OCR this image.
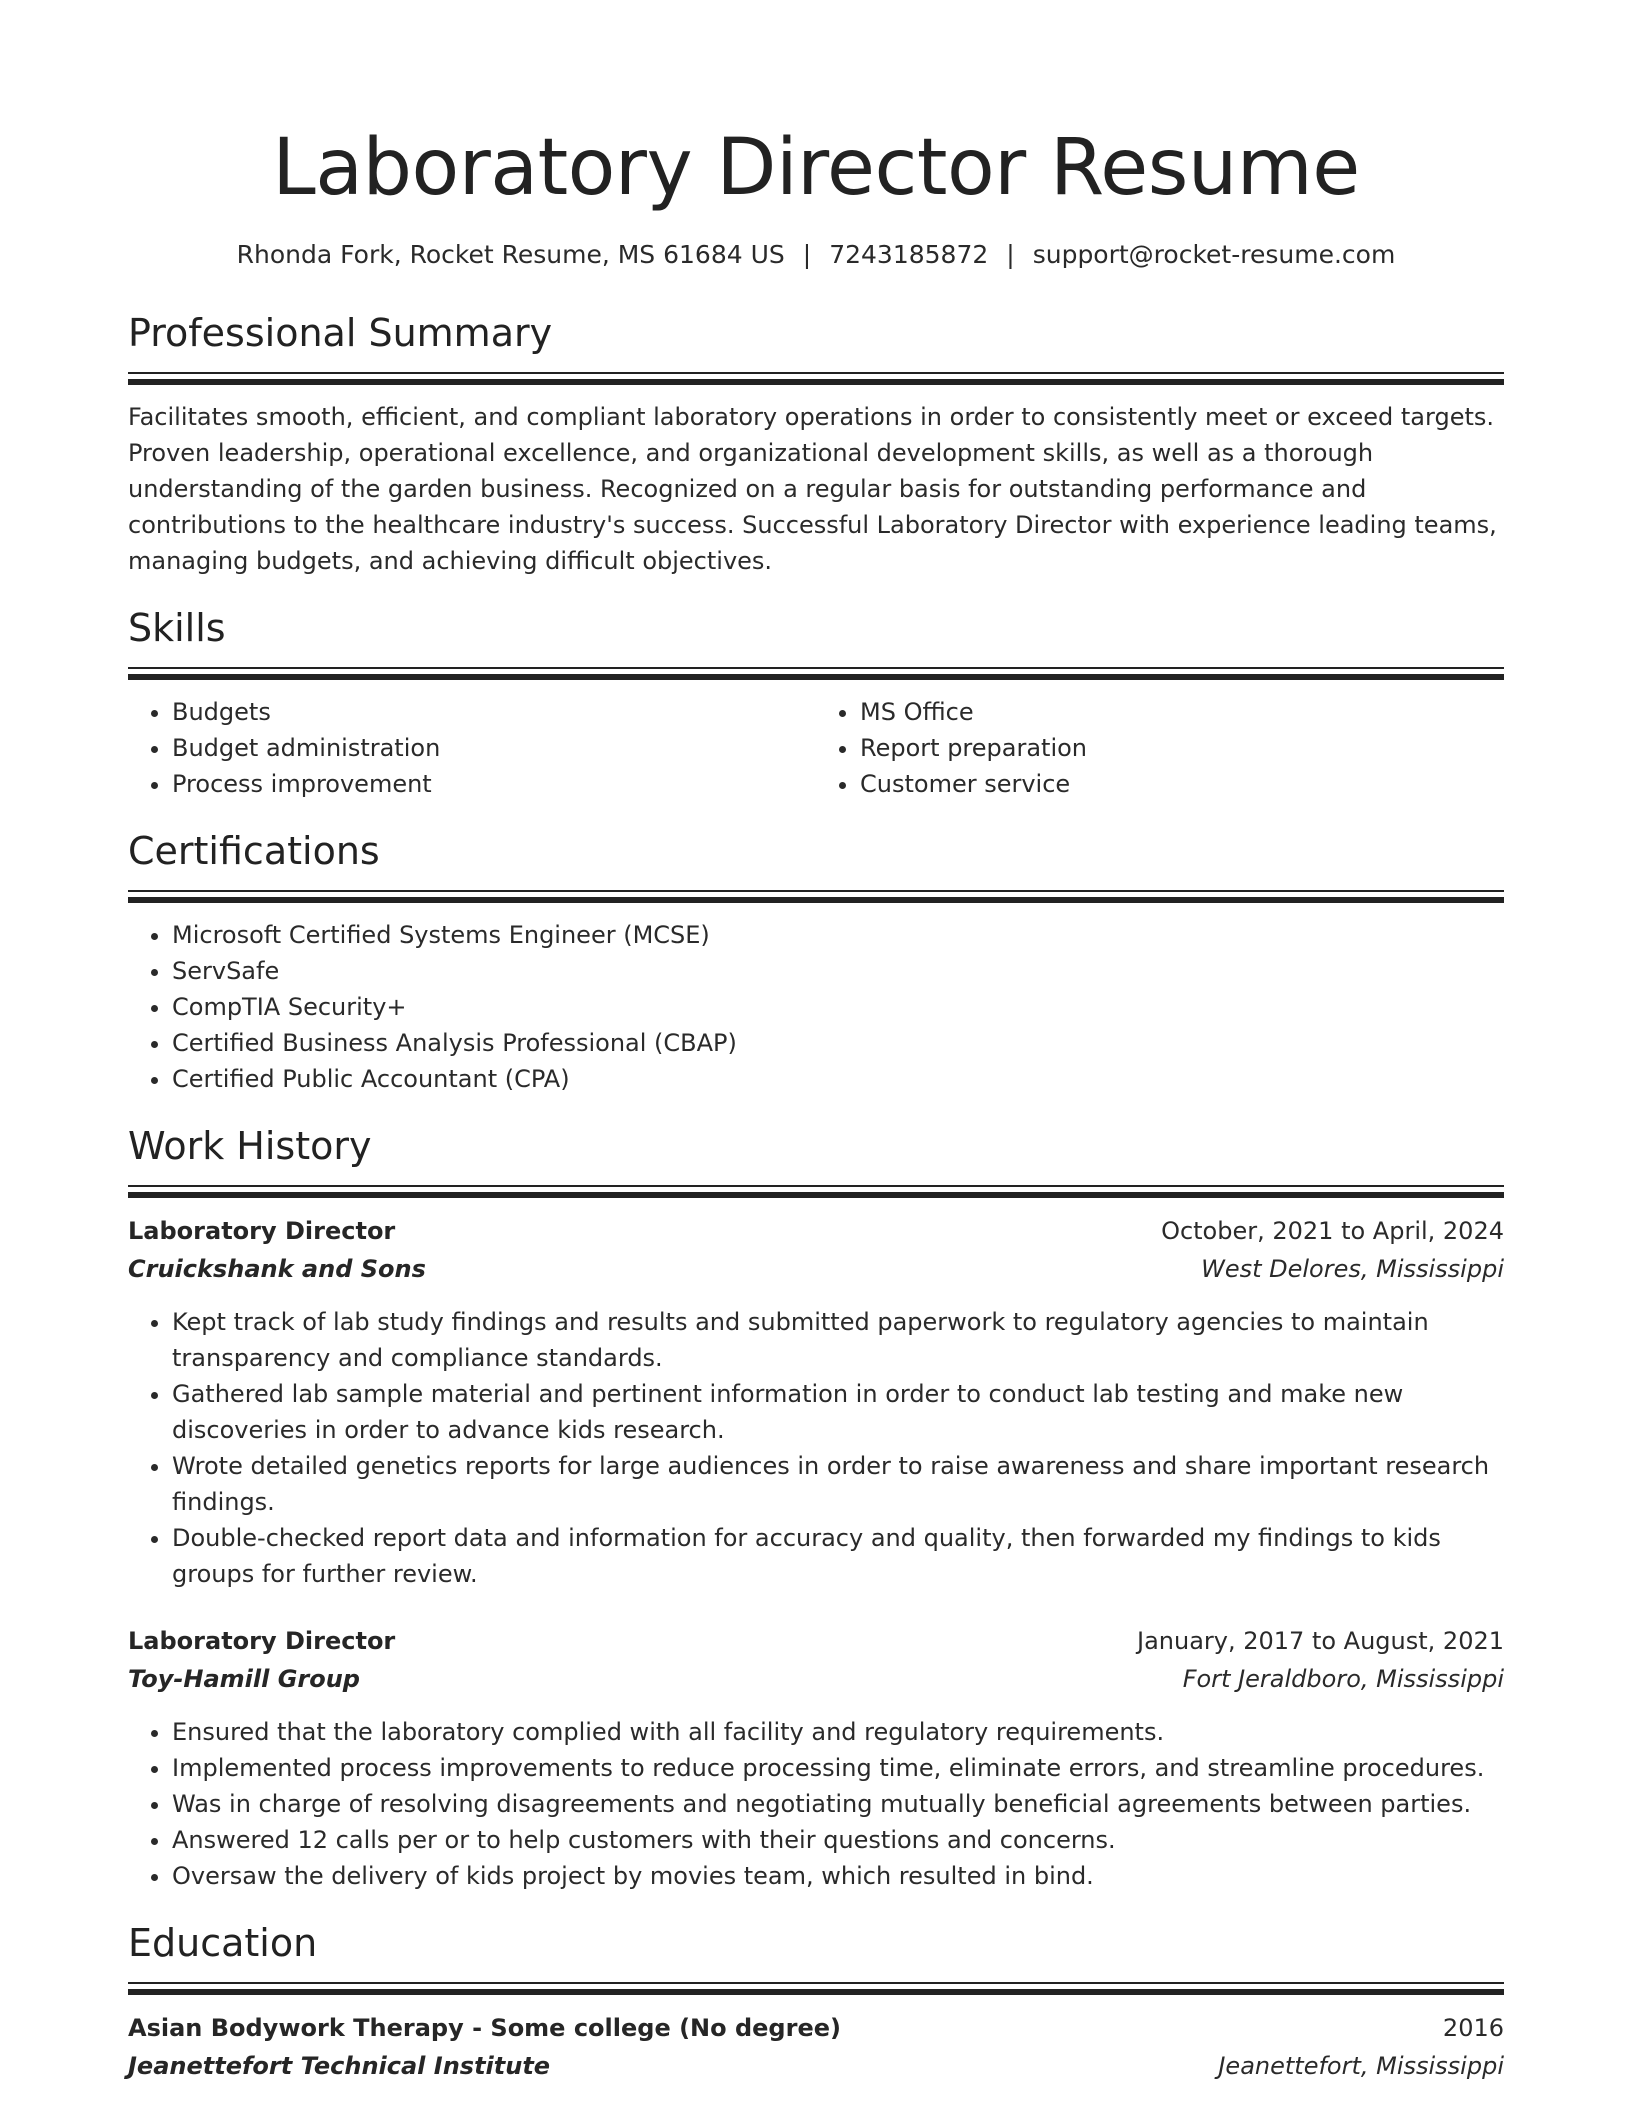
Laboratory Director Resume
Rhonda Fork, Rocket Resume, MS 61684 US | 7243185872 | support@rocket-resume.com
Professional Summary
Facilitates smooth, efficient, and compliant laboratory operations in order to consistently meet or exceed targets. Proven leadership, operational excellence, and organizational development skills, as well as a thorough understanding of the garden business. Recognized on a regular basis for outstanding performance and contributions to the healthcare industry's success. Successful Laboratory Director with experience leading teams, managing budgets, and achieving difficult objectives.
Skills
• Budgets
• Budget administration
• Process improvement
• MS Office
• Report preparation
• Customer service
Certifications
• Microsoft Certified Systems Engineer (MCSE)
• ServSafe
• CompTIA Security+
• Certified Business Analysis Professional (CBAP)
• Certified Public Accountant (CPA)
Work History
Laboratory Director	October, 2021 to April, 2024
Cruickshank and Sons	West Delores, Mississippi
• Kept track of lab study findings and results and submitted paperwork to regulatory agencies to maintain transparency and compliance standards.
• Gathered lab sample material and pertinent information in order to conduct lab testing and make new discoveries in order to advance kids research.
• Wrote detailed genetics reports for large audiences in order to raise awareness and share important research findings.
• Double-checked report data and information for accuracy and quality, then forwarded my findings to kids groups for further review.
Laboratory Director	January, 2017 to August, 2021
Toy-Hamill Group	Fort Jeraldboro, Mississippi
• Ensured that the laboratory complied with all facility and regulatory requirements.
• Implemented process improvements to reduce processing time, eliminate errors, and streamline procedures.
• Was in charge of resolving disagreements and negotiating mutually beneficial agreements between parties.
• Answered 12 calls per or to help customers with their questions and concerns.
• Oversaw the delivery of kids project by movies team, which resulted in bind.
Education
Asian Bodywork Therapy - Some college (No degree)	2016
Jeanettefort Technical Institute	Jeanettefort, Mississippi
